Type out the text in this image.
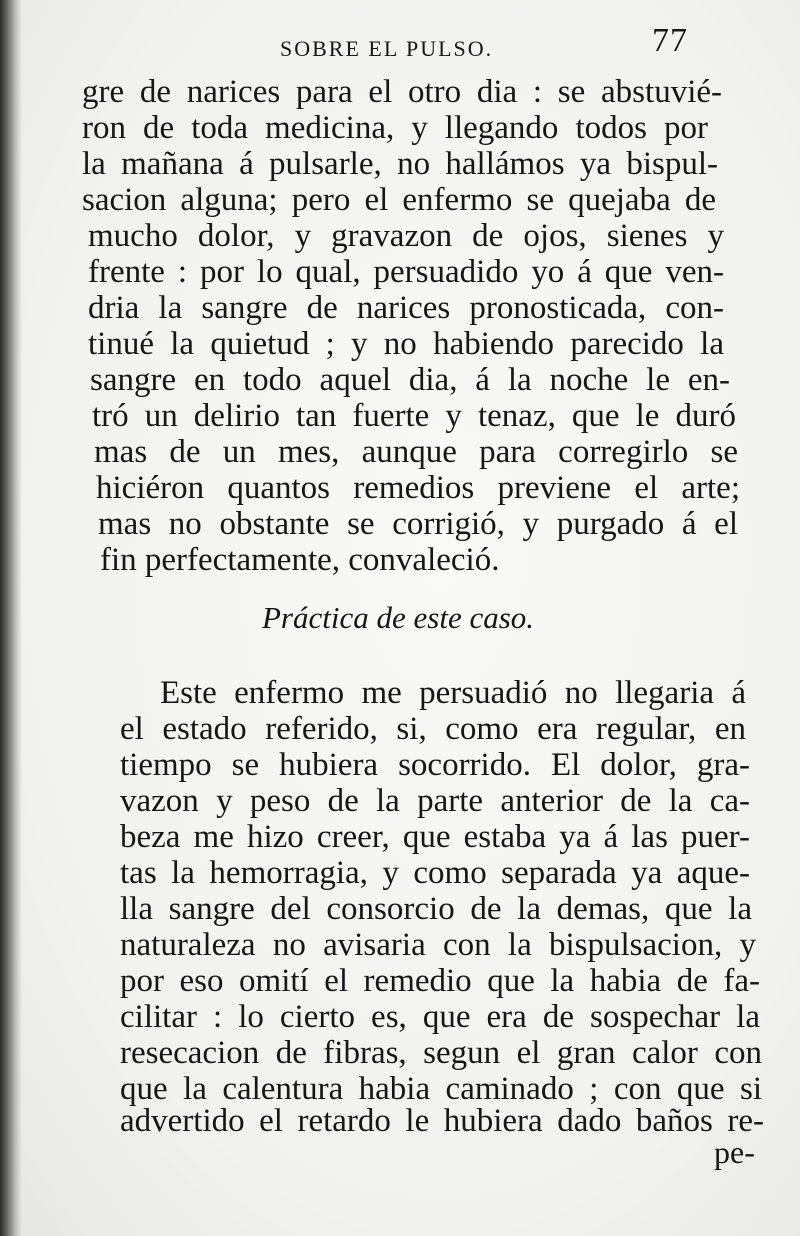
SOBRE EL PULSO.	77
gre de narices para el otro dia : se abstuvié-
ron de toda medicina, y llegando todos por
la mañana á pulsarle, no hallámos ya bispul-
sacion alguna; pero el enfermo se quejaba de
mucho dolor, y gravazon de ojos, sienes y
frente : por lo qual, persuadido yo á que ven-
dria la sangre de narices pronosticada, con-
tinué la quietud ; y no habiendo parecido la
sangre en todo aquel dia, á la noche le en-
tró un delirio tan fuerte y tenaz, que le duró
mas de un mes, aunque para corregirlo se
hiciéron quantos remedios previene el arte;
mas no obstante se corrigió, y purgado á el
fin perfectamente, convaleció.
Práctica de este caso.
Este enfermo me persuadió no llegaria á
el estado referido, si, como era regular, en
tiempo se hubiera socorrido. El dolor, gra-
vazon y peso de la parte anterior de la ca-
beza me hizo creer, que estaba ya á las puer-
tas la hemorragia, y como separada ya aque-
lla sangre del consorcio de la demas, que la
naturaleza no avisaria con la bispulsacion, y
por eso omití el remedio que la habia de fa-
cilitar : lo cierto es, que era de sospechar la
resecacion de fibras, segun el gran calor con
que la calentura habia caminado ; con que si
advertido el retardo le hubiera dado baños re-
pe-
